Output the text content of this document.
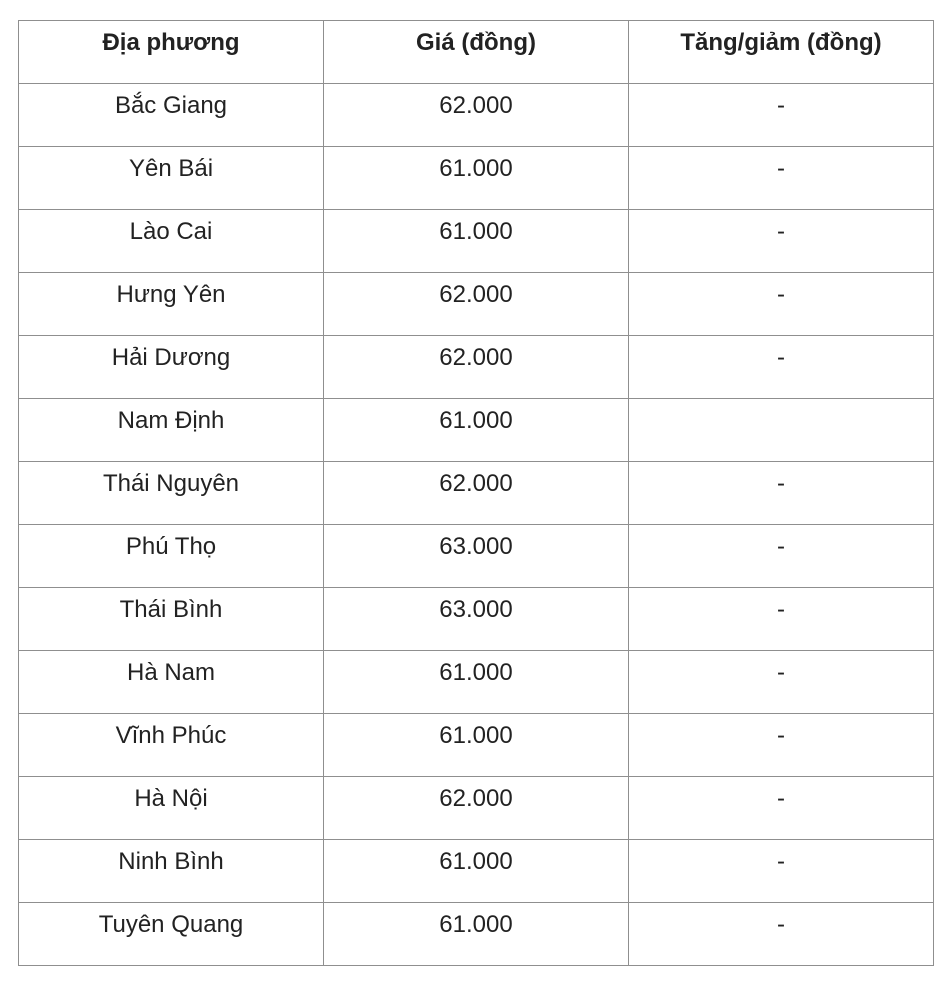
Địa phương	Giá (đồng)	Tăng/giảm (đồng)
Bắc Giang	62.000	-
Yên Bái	61.000	-
Lào Cai	61.000	-
Hưng Yên	62.000	-
Hải Dương	62.000	-
Nam Định	61.000	
Thái Nguyên	62.000	-
Phú Thọ	63.000	-
Thái Bình	63.000	-
Hà Nam	61.000	-
Vĩnh Phúc	61.000	-
Hà Nội	62.000	-
Ninh Bình	61.000	-
Tuyên Quang	61.000	-
